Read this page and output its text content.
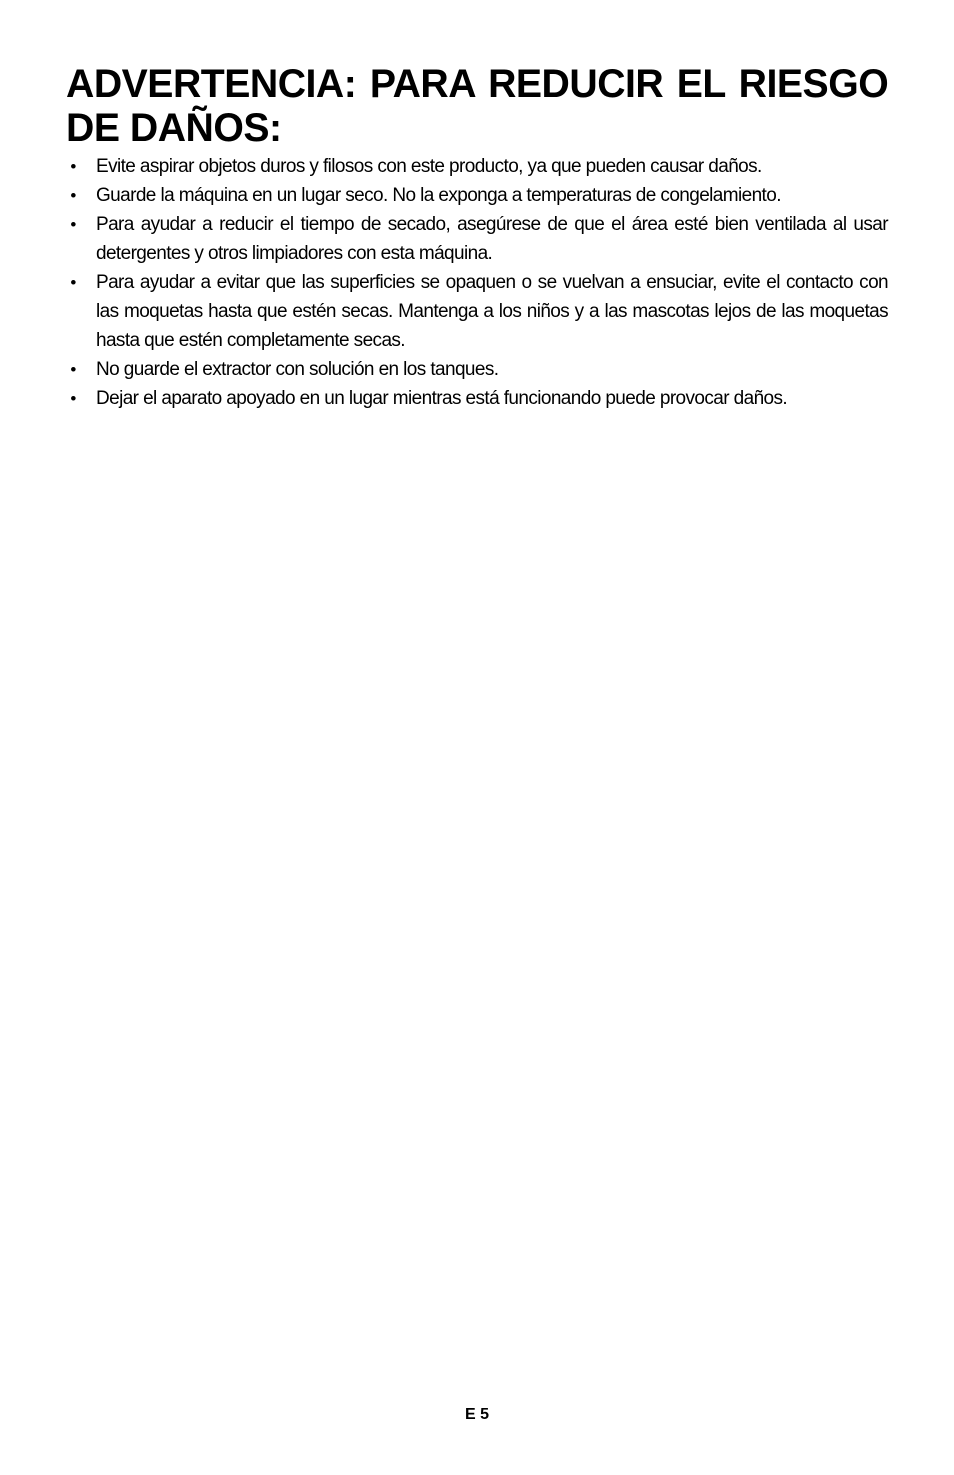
ADVERTENCIA: PARA REDUCIR EL RIESGO DE DAÑOS:
• Evite aspirar objetos duros y filosos con este producto, ya que pueden causar daños.
• Guarde la máquina en un lugar seco. No la exponga a temperaturas de congelamiento.
• Para ayudar a reducir el tiempo de secado, asegúrese de que el área esté bien ventilada al usar detergentes y otros limpiadores con esta máquina.
• Para ayudar a evitar que las superficies se opaquen o se vuelvan a ensuciar, evite el contacto con las moquetas hasta que estén secas. Mantenga a los niños y a las mascotas lejos de las moquetas hasta que estén completamente secas.
• No guarde el extractor con solución en los tanques.
• Dejar el aparato apoyado en un lugar mientras está funcionando puede provocar daños.
E 5
